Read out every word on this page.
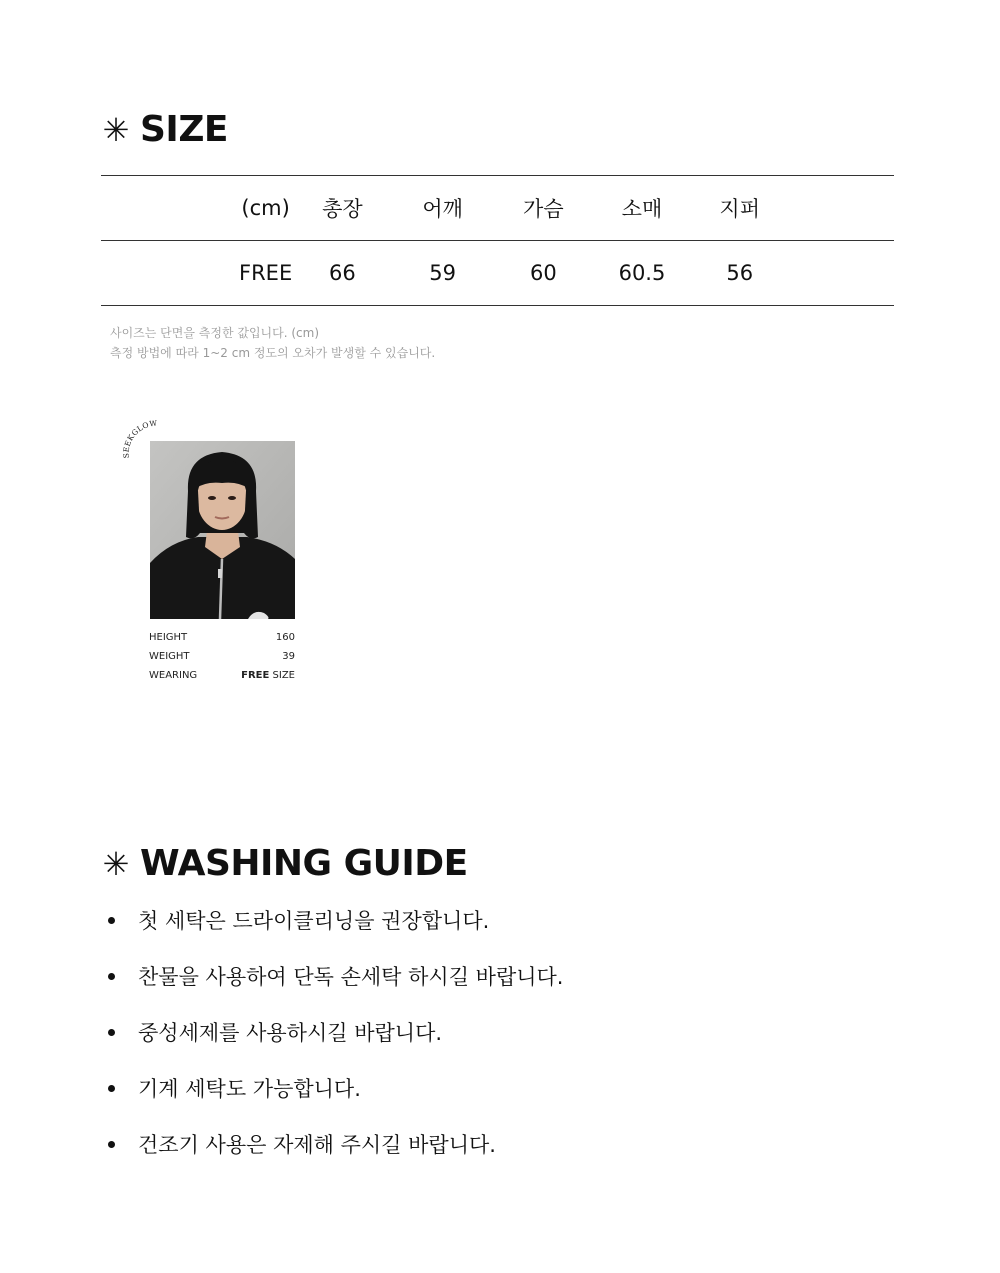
✳ SIZE
(cm)	총장	어깨	가슴	소매	지퍼	
FREE	66	59	60	60.5	56	
사이즈는 단면을 측정한 값입니다. (cm)
측정 방법에 따라 1~2 cm 정도의 오차가 발생할 수 있습니다.
SEEKGLOW
HEIGHT	160
WEIGHT	39
WEARING	FREE SIZE
✳ WASHING GUIDE
첫 세탁은 드라이클리닝을 권장합니다.
찬물을 사용하여 단독 손세탁 하시길 바랍니다.
중성세제를 사용하시길 바랍니다.
기계 세탁도 가능합니다.
건조기 사용은 자제해 주시길 바랍니다.
